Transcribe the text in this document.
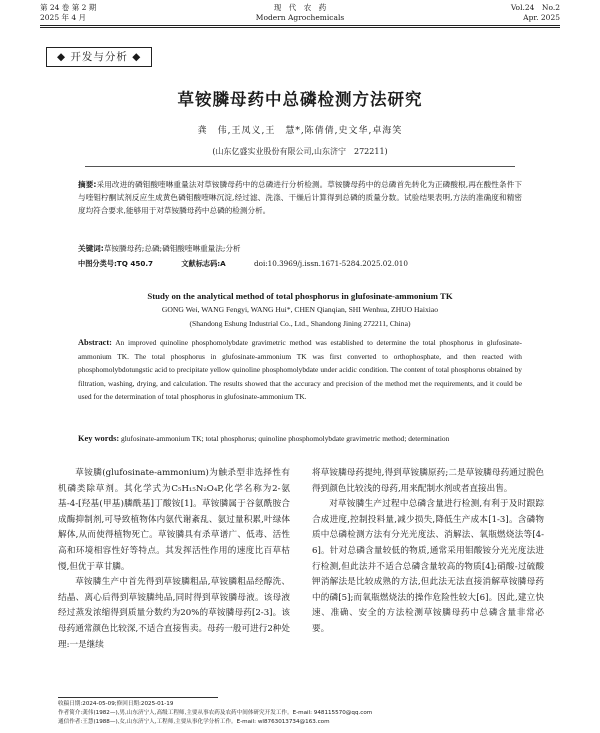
第 24 卷 第 2 期
2025 年 4 月
现　代　农　药
Modern Agrochemicals
Vol.24　No.2
Apr. 2025
◆ 开发与分析 ◆
草铵膦母药中总磷检测方法研究
龚　伟,王凤义,王　慧*,陈倩倩,史文华,卓海笑
(山东亿盛实业股份有限公司,山东济宁　272211)
摘要:采用改进的磷钼酸喹啉重量法对草铵膦母药中的总磷进行分析检测。草铵膦母药中的总磷首先转化为正磷酸根,再在酸性条件下与喹钼柠酮试剂反应生成黄色磷钼酸喹啉沉淀,经过滤、洗涤、干燥后计算得到总磷的质量分数。试验结果表明,方法的准确度和精密度均符合要求,能够用于对草铵膦母药中总磷的检测分析。
关键词:草铵膦母药;总磷;磷钼酸喹啉重量法;分析
中图分类号:TQ 450.7	文献标志码:A	doi:10.3969/j.issn.1671-5284.2025.02.010
Study on the analytical method of total phosphorus in glufosinate-ammonium TK
GONG Wei, WANG Fengyi, WANG Hui*, CHEN Qianqian, SHI Wenhua, ZHUO Haixiao
(Shandong Eshung Industrial Co., Ltd., Shandong Jining 272211, China)
Abstract: An improved quinoline phosphomolybdate gravimetric method was established to determine the total phosphorus in glufosinate-ammonium TK. The total phosphorus in glufosinate-ammonium TK was first converted to orthophosphate, and then reacted with phosphomolybdotungstic acid to precipitate yellow quinoline phosphomolybdate under acidic condition. The content of total phosphorus obtained by filtration, washing, drying, and calculation. The results showed that the accuracy and precision of the method met the requirements, and it could be used for the determination of total phosphorus in glufosinate-ammonium TK.
Key words: glufosinate-ammonium TK; total phosphorus; quinoline phosphomolybdate gravimetric method; determination

草铵膦(glufosinate-ammonium)为触杀型非选择性有机磷类除草剂。其化学式为C₅H₁₅N₂O₄P,化学名称为2-氨基-4-[羟基(甲基)膦酰基]丁酸铵[1]。草铵膦属于谷氨酰胺合成酶抑制剂,可导致植物体内氨代谢紊乱、氨过量积累,叶绿体解体,从而使得植物死亡。草铵膦具有杀草谱广、低毒、活性高和环境相容性好等特点。其发挥活性作用的速度比百草枯慢,但优于草甘膦。

草铵膦生产中首先得到草铵膦粗品,草铵膦粗品经醇洗、结晶、离心后得到草铵膦纯品,同时得到草铵膦母液。该母液经过蒸发浓缩得到质量分数约为20%的草铵膦母药[2-3]。该母药通常颜色比较深,不适合直接售卖。母药一般可进行2种处理:一是继续

将草铵膦母药提纯,得到草铵膦原药;二是草铵膦母药通过脱色得到颜色比较浅的母药,用来配制水剂或者直接出售。

对草铵膦生产过程中总磷含量进行检测,有利于及时跟踪合成进度,控制投料量,减少损失,降低生产成本[1-3]。含磷物质中总磷检测方法有分光光度法、消解法、氧瓶燃烧法等[4-6]。针对总磷含量较低的物质,通常采用钼酸铵分光光度法进行检测,但此法并不适合总磷含量较高的物质[4];硝酸-过硫酸钾消解法是比较成熟的方法,但此法无法直接消解草铵膦母药中的磷[5];而氧瓶燃烧法的操作危险性较大[6]。因此,建立快速、准确、安全的方法检测草铵膦母药中总磷含量非常必要。

收稿日期:2024-05-09;修回日期:2025-01-19
作者简介:龚伟(1982—),男,山东济宁人,高级工程师,主要从事农药及农药中间体研究开发工作。E-mail: 948115570@qq.com
通信作者:王慧(1988—),女,山东济宁人,工程师,主要从事化学分析工作。E-mail: wl8763013734@163.com
